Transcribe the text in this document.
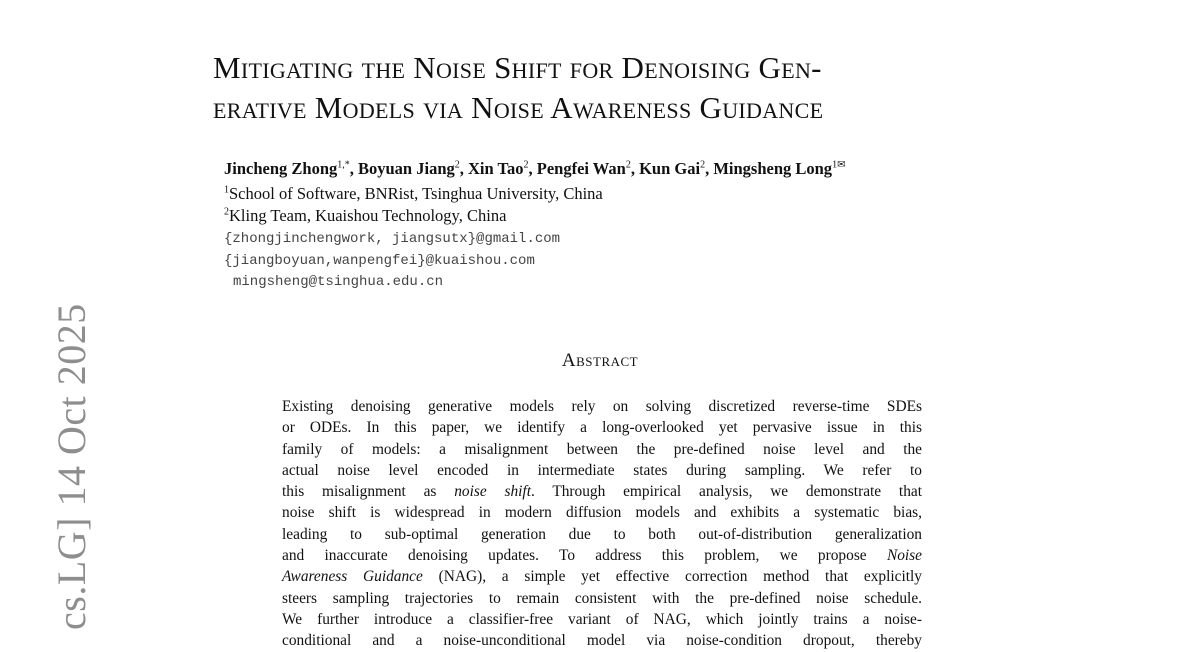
cs.LG] 14 Oct 2025
Mitigating the Noise Shift for Denoising Gen-
erative Models via Noise Awareness Guidance
Jincheng Zhong$^{1,*}$, Boyuan Jiang$^2$, Xin Tao$^2$, Pengfei Wan$^2$, Kun Gai$^2$, Mingsheng Long$^{1✉}$
$^1$School of Software, BNRist, Tsinghua University, China
$^2$Kling Team, Kuaishou Technology, China
{zhongjinchengwork, jiangsutx}@gmail.com
{jiangboyuan,wanpengfei}@kuaishou.com
mingsheng@tsinghua.edu.cn
Abstract
Existing denoising generative models rely on solving discretized reverse-time SDEs
or ODEs. In this paper, we identify a long-overlooked yet pervasive issue in this
family of models: a misalignment between the pre-defined noise level and the
actual noise level encoded in intermediate states during sampling. We refer to
this misalignment as noise shift. Through empirical analysis, we demonstrate that
noise shift is widespread in modern diffusion models and exhibits a systematic bias,
leading to sub-optimal generation due to both out-of-distribution generalization
and inaccurate denoising updates. To address this problem, we propose Noise
Awareness Guidance (NAG), a simple yet effective correction method that explicitly
steers sampling trajectories to remain consistent with the pre-defined noise schedule.
We further introduce a classifier-free variant of NAG, which jointly trains a noise-
conditional and a noise-unconditional model via noise-condition dropout, thereby
